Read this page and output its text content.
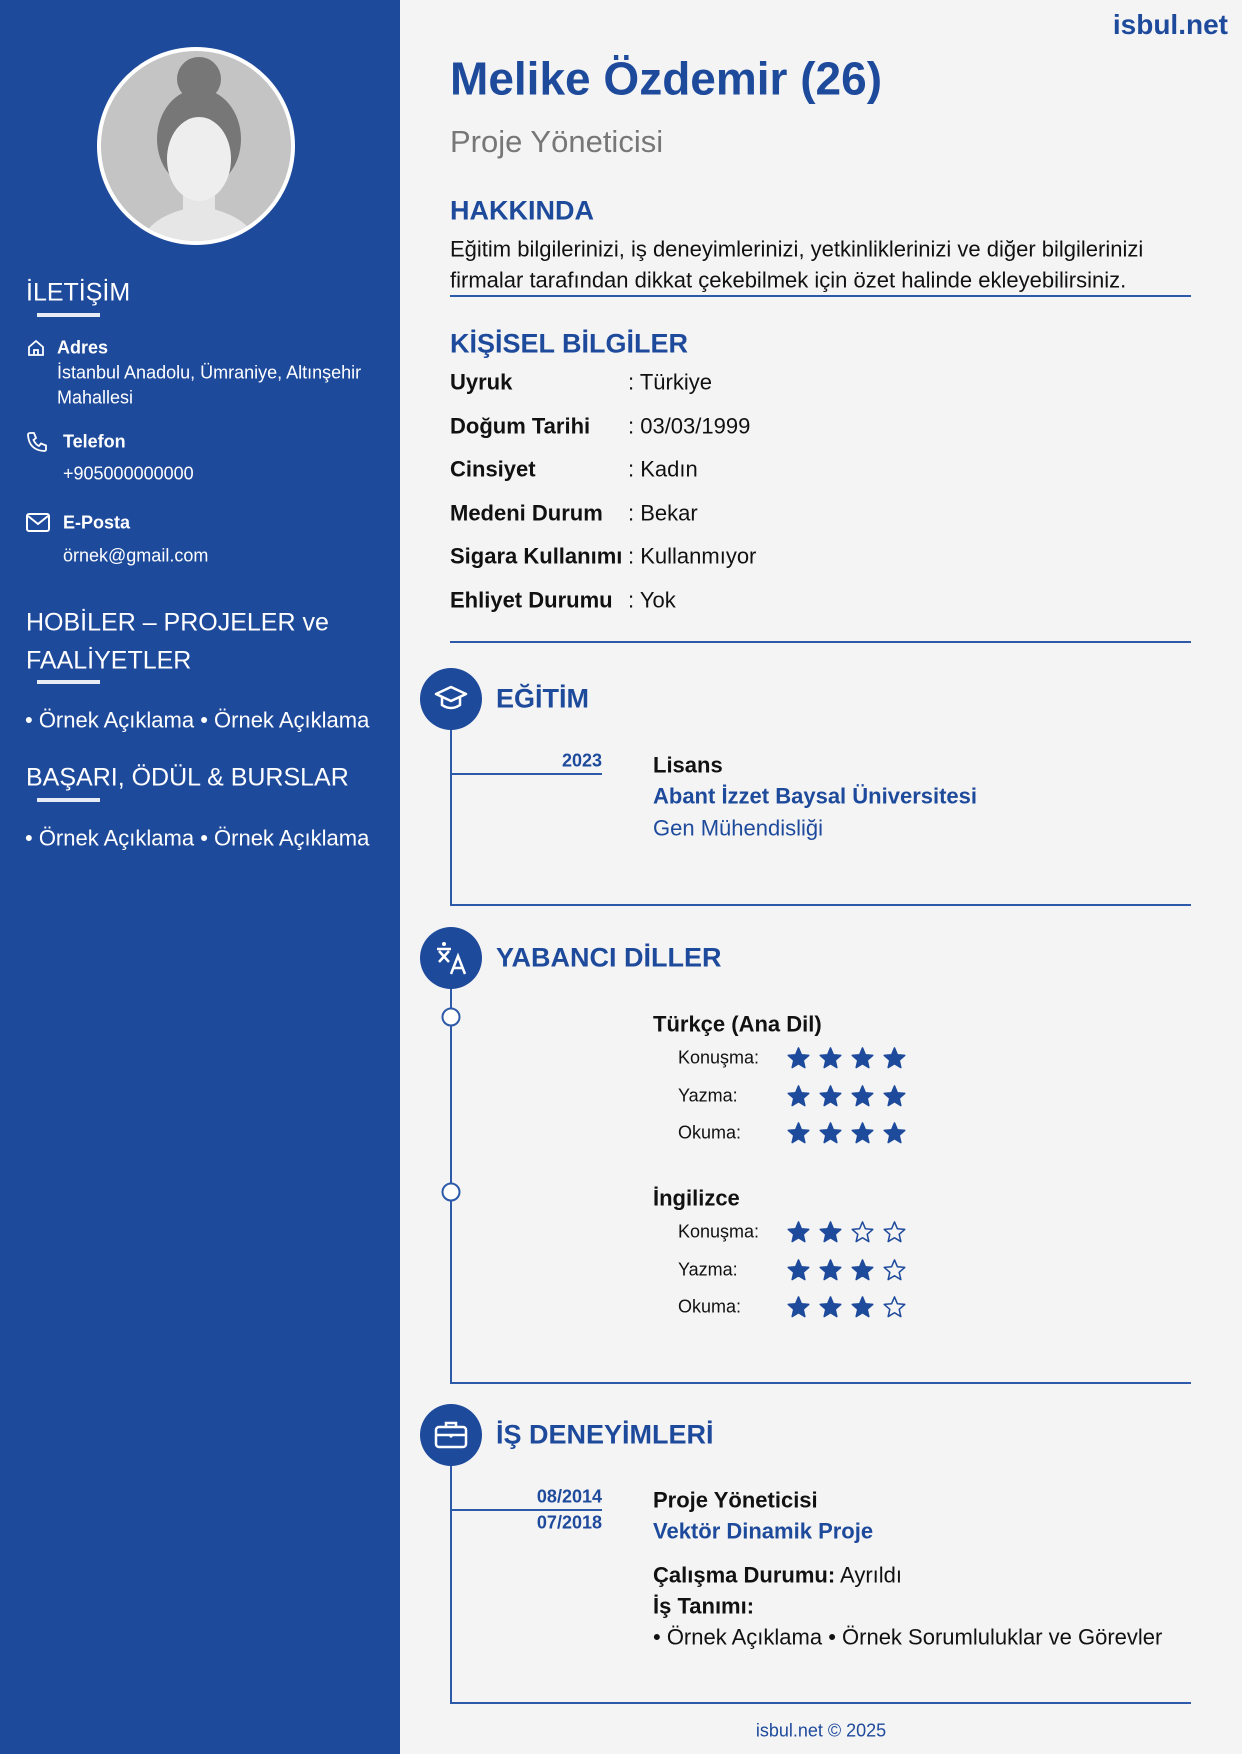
İLETİŞİM
Adres
İstanbul Anadolu, Ümraniye, Altınşehir
Mahallesi
Telefon
+905000000000
E-Posta
örnek@gmail.com
HOBİLER – PROJELER ve
FAALİYETLER
• Örnek Açıklama • Örnek Açıklama
BAŞARI, ÖDÜL & BURSLAR
• Örnek Açıklama • Örnek Açıklama
isbul.net
Melike Özdemir (26)
Proje Yöneticisi
HAKKINDA
Eğitim bilgilerinizi, iş deneyimlerinizi, yetkinliklerinizi ve diğer bilgilerinizi
firmalar tarafından dikkat çekebilmek için özet halinde ekleyebilirsiniz.
KİŞİSEL BİLGİLER
Uyruk	: Türkiye
Doğum Tarihi : 03/03/1999
Cinsiyet	: Kadın
Medeni Durum : Bekar
Sigara Kullanımı : Kullanmıyor
Ehliyet Durumu : Yok
EĞİTİM
2023 Lisans
Abant İzzet Baysal Üniversitesi
Gen Mühendisliği
YABANCI DİLLER
Türkçe (Ana Dil)
Konuşma:
Yazma:
Okuma:
İngilizce
Konuşma:
Yazma:
Okuma:
İŞ DENEYİMLERİ
08/2014
07/2018
Proje Yöneticisi
Vektör Dinamik Proje
Çalışma Durumu: Ayrıldı
İş Tanımı:
• Örnek Açıklama • Örnek Sorumluluklar ve Görevler
isbul.net © 2025
